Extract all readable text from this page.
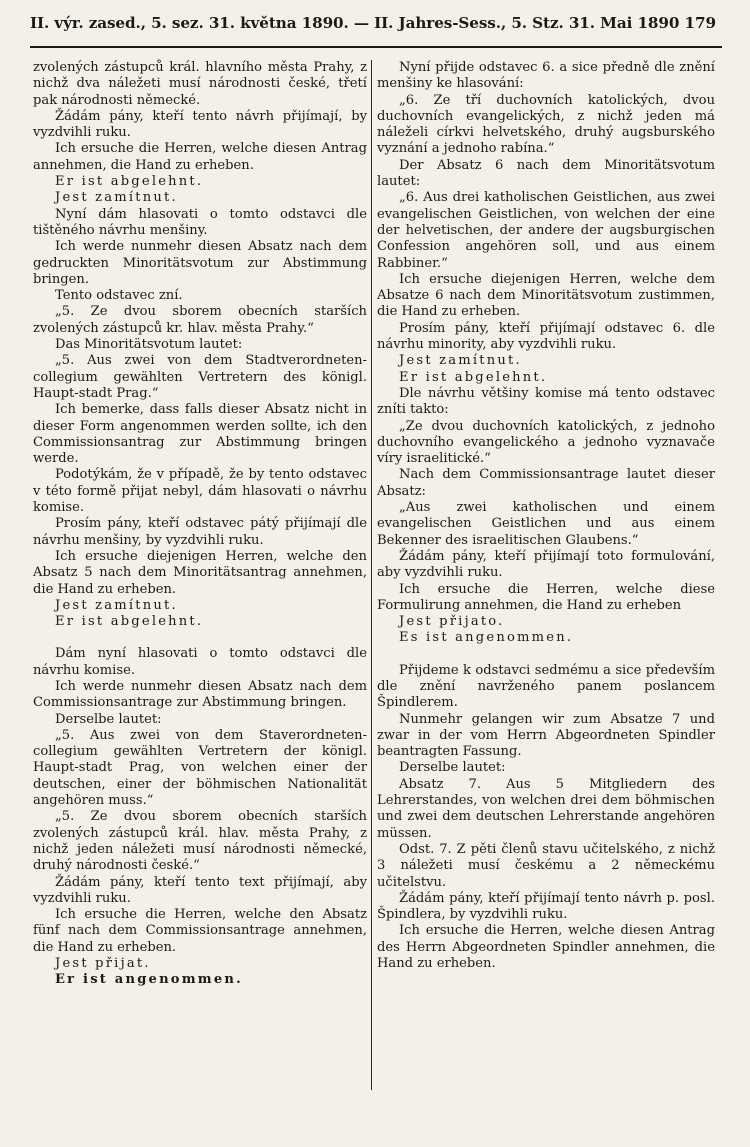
II. výr. zased., 5. sez. 31. května 1890. — II. Jahres-Sess., 5. Stz. 31. Mai 1890 179

zvolených zástupců král. hlavního města Prahy, z nichž dva náležeti musí národnosti české, třetí pak národnosti německé.

Žádám pány, kteří tento návrh přijímají, by vyzdvihli ruku.

Ich ersuche die Herren, welche diesen Antrag annehmen, die Hand zu erheben.

Er ist abgelehnt.

Jest zamítnut.

Nyní dám hlasovati o tomto odstavci dle tištěného návrhu menšiny.

Ich werde nunmehr diesen Absatz nach dem gedruckten Minoritätsvotum zur Abstimmung bringen.

Tento odstavec zní.

„5. Ze dvou sborem obecních starších zvolených zástupců kr. hlav. města Prahy.“

Das Minoritätsvotum lautet:

„5. Aus zwei von dem Stadtverordneten-collegium gewählten Vertretern des königl. Haupt-stadt Prag.“

Ich bemerke, dass falls dieser Absatz nicht in dieser Form angenommen werden sollte, ich den Commissionsantrag zur Abstimmung bringen werde.

Podotýkám, že v případě, že by tento odstavec v této formě přijat nebyl, dám hlasovati o návrhu komise.

Prosím pány, kteří odstavec pátý přijímají dle návrhu menšiny, by vyzdvihli ruku.

Ich ersuche diejenigen Herren, welche den Absatz 5 nach dem Minoritätsantrag annehmen, die Hand zu erheben.

Jest zamítnut.

Er ist abgelehnt.

Dám nyní hlasovati o tomto odstavci dle návrhu komise.

Ich werde nunmehr diesen Absatz nach dem Commissionsantrage zur Abstimmung bringen.

Derselbe lautet:

„5. Aus zwei von dem Staverordneten-collegium gewählten Vertretern der königl. Haupt-stadt Prag, von welchen einer der deutschen, einer der böhmischen Nationalität angehören muss.“

„5. Ze dvou sborem obecních starších zvolených zástupců král. hlav. města Prahy, z nichž jeden náležeti musí národnosti německé, druhý národnosti české.“

Žádám pány, kteří tento text přijímají, aby vyzdvihli ruku.

Ich ersuche die Herren, welche den Absatz fünf nach dem Commissionsantrage annehmen, die Hand zu erheben.

Jest přijat.

Er ist angenommen.

Nyní přijde odstavec 6. a sice předně dle znění menšiny ke hlasování:

„6. Ze tří duchovních katolických, dvou duchovních evangelických, z nichž jeden má náleželi církvi helvetského, druhý augsburského vyznání a jednoho rabína.“

Der Absatz 6 nach dem Minoritätsvotum lautet:

„6. Aus drei katholischen Geistlichen, aus zwei evangelischen Geistlichen, von welchen der eine der helvetischen, der andere der augsburgischen Confession angehören soll, und aus einem Rabbiner.“

Ich ersuche diejenigen Herren, welche dem Absatze 6 nach dem Minoritätsvotum zustimmen, die Hand zu erheben.

Prosím pány, kteří přijímají odstavec 6. dle návrhu minority, aby vyzdvihli ruku.

Jest zamítnut.

Er ist abgelehnt.

Dle návrhu většiny komise má tento odstavec zníti takto:

„Ze dvou duchovních katolických, z jednoho duchovního evangelického a jednoho vyznavače víry israelitické.“

Nach dem Commissionsantrage lautet dieser Absatz:

„Aus zwei katholischen und einem evangelischen Geistlichen und aus einem Bekenner des israelitischen Glaubens.“

Žádám pány, kteří přijímají toto formulování, aby vyzdvihli ruku.

Ich ersuche die Herren, welche diese Formulirung annehmen, die Hand zu erheben

Jest přijato.

Es ist angenommen.

Přijdeme k odstavci sedmému a sice především dle znění navrženého panem poslancem Špindlerem.

Nunmehr gelangen wir zum Absatze 7 und zwar in der vom Herrn Abgeordneten Spindler beantragten Fassung.

Derselbe lautet:

Absatz 7. Aus 5 Mitgliedern des Lehrerstandes, von welchen drei dem böhmischen und zwei dem deutschen Lehrerstande angehören müssen.

Odst. 7. Z pěti členů stavu učitelského, z nichž 3 náležeti musí českému a 2 německému učitelstvu.

Žádám pány, kteří přijímají tento návrh p. posl. Špindlera, by vyzdvihli ruku.

Ich ersuche die Herren, welche diesen Antrag des Herrn Abgeordneten Spindler annehmen, die Hand zu erheben.
